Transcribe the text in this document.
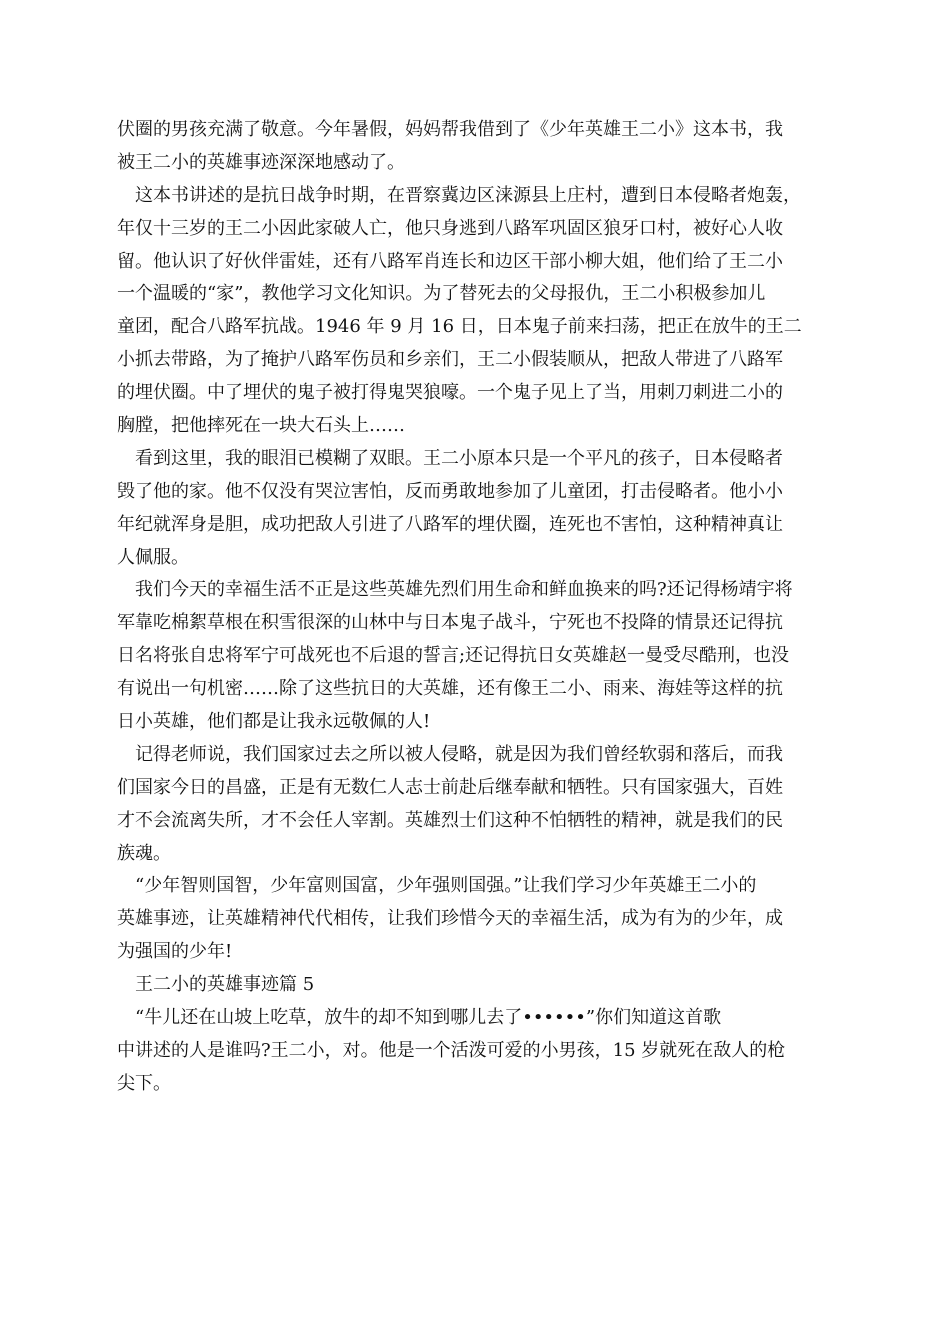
伏圈的男孩充满了敬意。今年暑假，妈妈帮我借到了《少年英雄王二小》这本书，我
被王二小的英雄事迹深深地感动了。
　这本书讲述的是抗日战争时期，在晋察冀边区涞源县上庄村，遭到日本侵略者炮轰，
年仅十三岁的王二小因此家破人亡，他只身逃到八路军巩固区狼牙口村，被好心人收
留。他认识了好伙伴雷娃，还有八路军肖连长和边区干部小柳大姐，他们给了王二小
一个温暖的“家”，教他学习文化知识。为了替死去的父母报仇，王二小积极参加儿
童团，配合八路军抗战。1946 年 9 月 16 日，日本鬼子前来扫荡，把正在放牛的王二
小抓去带路，为了掩护八路军伤员和乡亲们，王二小假装顺从，把敌人带进了八路军
的埋伏圈。中了埋伏的鬼子被打得鬼哭狼嚎。一个鬼子见上了当，用刺刀刺进二小的
胸膛，把他摔死在一块大石头上……
　看到这里，我的眼泪已模糊了双眼。王二小原本只是一个平凡的孩子，日本侵略者
毁了他的家。他不仅没有哭泣害怕，反而勇敢地参加了儿童团，打击侵略者。他小小
年纪就浑身是胆，成功把敌人引进了八路军的埋伏圈，连死也不害怕，这种精神真让
人佩服。
　我们今天的幸福生活不正是这些英雄先烈们用生命和鲜血换来的吗?还记得杨靖宇将
军靠吃棉絮草根在积雪很深的山林中与日本鬼子战斗，宁死也不投降的情景还记得抗
日名将张自忠将军宁可战死也不后退的誓言;还记得抗日女英雄赵一曼受尽酷刑，也没
有说出一句机密……除了这些抗日的大英雄，还有像王二小、雨来、海娃等这样的抗
日小英雄，他们都是让我永远敬佩的人!
　记得老师说，我们国家过去之所以被人侵略，就是因为我们曾经软弱和落后，而我
们国家今日的昌盛，正是有无数仁人志士前赴后继奉献和牺牲。只有国家强大，百姓
才不会流离失所，才不会任人宰割。英雄烈士们这种不怕牺牲的精神，就是我们的民
族魂。
　“少年智则国智，少年富则国富，少年强则国强。”让我们学习少年英雄王二小的
英雄事迹，让英雄精神代代相传，让我们珍惜今天的幸福生活，成为有为的少年，成
为强国的少年!
　王二小的英雄事迹篇 5
　“牛儿还在山坡上吃草，放牛的却不知到哪儿去了••••••”你们知道这首歌
中讲述的人是谁吗?王二小，对。他是一个活泼可爱的小男孩，15 岁就死在敌人的枪
尖下。
